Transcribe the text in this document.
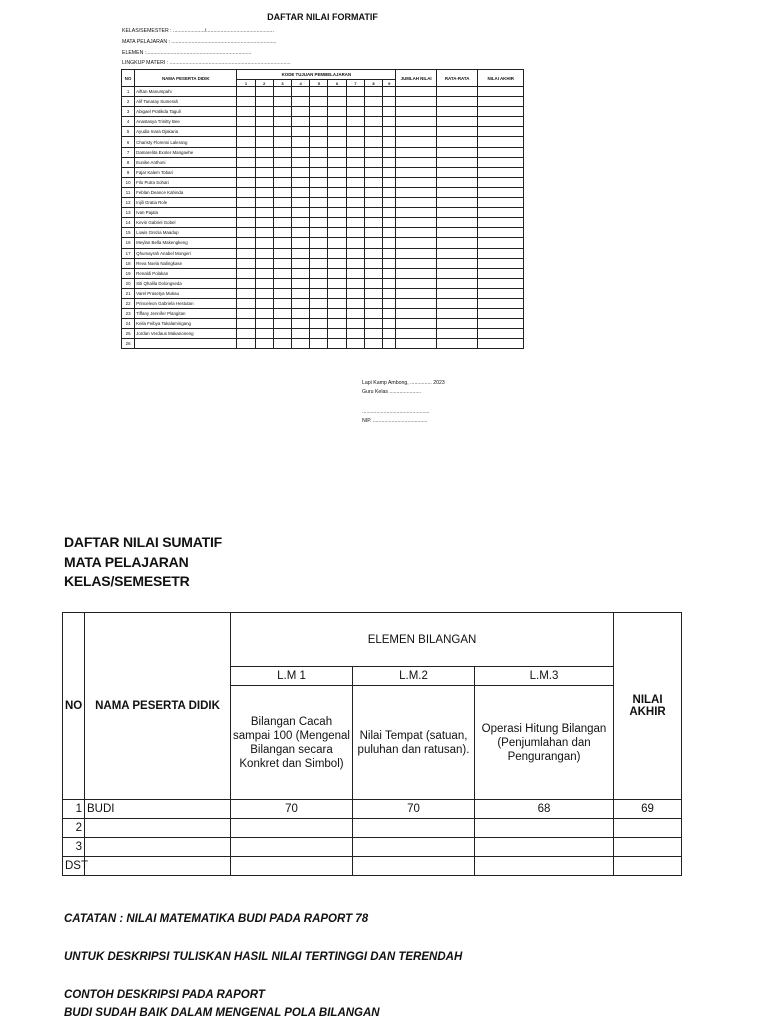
DAFTAR NILAI FORMATIF
KELAS/SEMESTER : ....................../...............................................
MATA PELAJARAN : .........................................................................
ELEMEN :.........................................................................
LINGKUP MATERI : ....................................................................................
NO	NAMA PESERTA DIDIK	KODE TUJUAN PEMBELAJARAN									JUMLAH NILAI	RATA-RATA	NILAI AKHIR
		1	2	3	4	5	6	7	8	9			
1	Aiftan Manumpahi												
2	Alif Tanaray Sumerah												
3	Abigael Pratikda Taguli												
4	Anastasya Trinitty Bee												
5	Ayudia Inara Djakaria												
6	Charisty Florensi Lalerang												
7	Damarelita Exoter Mangaehe												
8	Eunike Anthoni												
9	Fajar Kalem Tobari												
10	Filo Putra Sohari												
11	Feblan Deance Kahinda												
12	Injili Gratia Role												
13	Ivan Pajala												
14	Kevin Gabriel Gobel												
15	Lowis Grezia Maadup												
16	Meylan Bella Makengkeng												
17	Qhumayrah Anabel Mongeri												
18	Reva Noela Nalingkase												
19	Renaldi Polakan												
20	Siti Qhalila Dolongseda												
21	Varel Prasetya Mukau												
22	Princeleon Gabriela Hestutan												
23	Tiffany Jennifer Plangitan												
24	Keila Feibya Takalamingang												
25	Jordan Verdaus Makanoneng												
26													
Lapi Kamp Ambong, ............... 2023
Guru Kelas ......................
...............................................
NIP. ......................................
DAFTAR NILAI SUMATIF
MATA PELAJARAN
KELAS/SEMESETR
NO	NAMA PESERTA DIDIK	ELEMEN BILANGAN			NILAI AKHIR
		L.M 1	L.M.2	L.M.3	
		Bilangan Cacah sampai 100 (Mengenal Bilangan secara Konkret dan Simbol)	Nilai Tempat (satuan, puluhan dan ratusan).	Operasi Hitung Bilangan (Penjumlahan dan Pengurangan)	
1	BUDI	70	70	68	69
2					
3					
DST					
CATATAN : NILAI MATEMATIKA BUDI PADA RAPORT 78
UNTUK DESKRIPSI TULISKAN HASIL NILAI TERTINGGI DAN TERENDAH
CONTOH DESKRIPSI PADA RAPORT
BUDI SUDAH BAIK DALAM MENGENAL POLA BILANGAN
